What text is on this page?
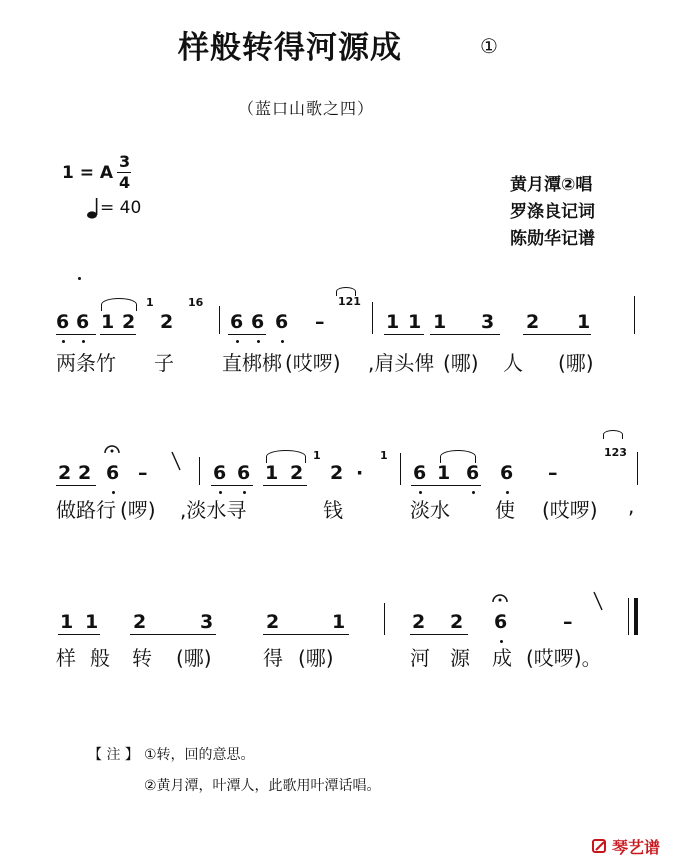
样般转得河源成	①
（蓝口山歌之四）
1 = A
3
4
= 40
黄月潭②唱
罗涤良记词
陈勋华记谱
6 6 1 2
1
2
16
6 6 6 –
121
1 1 1 3 2 1
两条竹 子 直梆梆 (哎啰) ,肩头俾 (哪) 人 (哪)
2 2 6 –	6 6 1 2
1
2 ·
1
6 1 6 6 –
123
做路行 (啰) ,淡水寻	钱	淡水 使 (哎啰) ,
1 1 2	3	2	1	2 2 6	–
样 般 转 (哪)	得 (哪)	河 源 成 (哎啰)。
【 注 】 ①转，回的意思。
②黄月潭，叶潭人，此歌用叶潭话唱。
琴艺谱
